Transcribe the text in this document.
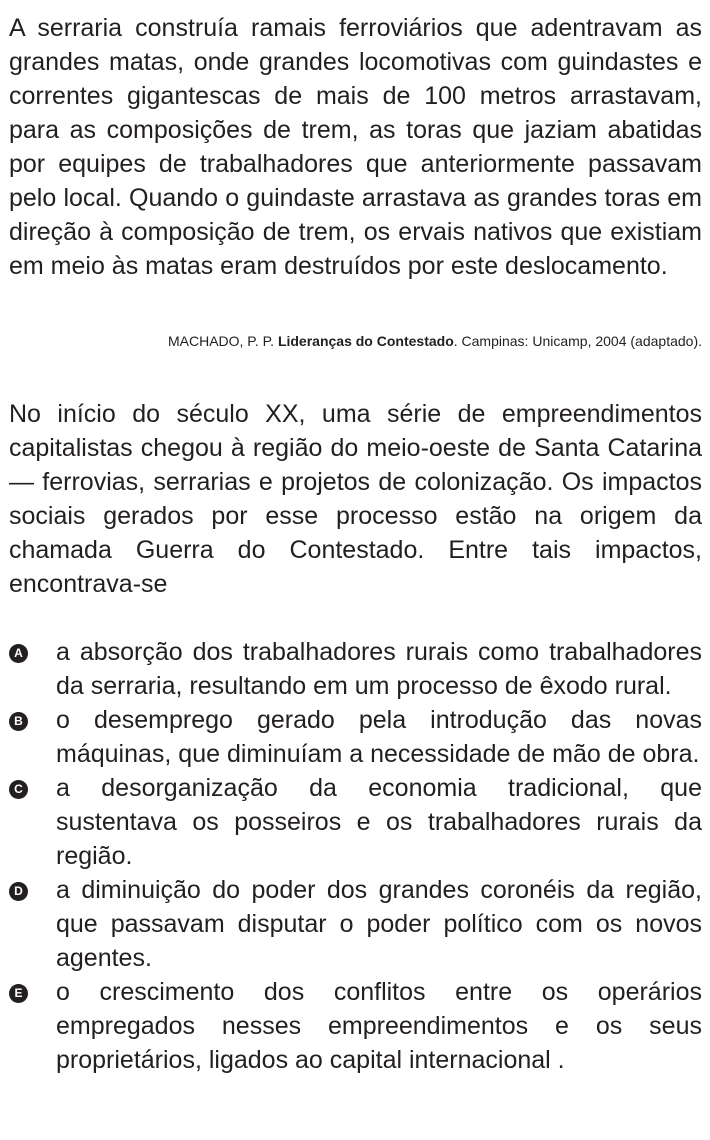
A serraria construía ramais ferroviários que adentravam as grandes matas, onde grandes locomotivas com guindastes e correntes gigantescas de mais de 100 metros arrastavam, para as composições de trem, as toras que jaziam abatidas por equipes de trabalhadores que anteriormente passavam pelo local. Quando o guindaste arrastava as grandes toras em direção à composição de trem, os ervais nativos que existiam em meio às matas eram destruídos por este deslocamento.

MACHADO, P. P. Lideranças do Contestado. Campinas: Unicamp, 2004 (adaptado).

No início do século XX, uma série de empreendimentos capitalistas chegou à região do meio-oeste de Santa Catarina — ferrovias, serrarias e projetos de colonização. Os impactos sociais gerados por esse processo estão na origem da chamada Guerra do Contestado. Entre tais impactos, encontrava-se

A a absorção dos trabalhadores rurais como trabalhadores da serraria, resultando em um processo de êxodo rural.
B o desemprego gerado pela introdução das novas máquinas, que diminuíam a necessidade de mão de obra.
C a desorganização da economia tradicional, que sustentava os posseiros e os trabalhadores rurais da região.
D a diminuição do poder dos grandes coronéis da região, que passavam disputar o poder político com os novos agentes.
E o crescimento dos conflitos entre os operários empregados nesses empreendimentos e os seus proprietários, ligados ao capital internacional .
